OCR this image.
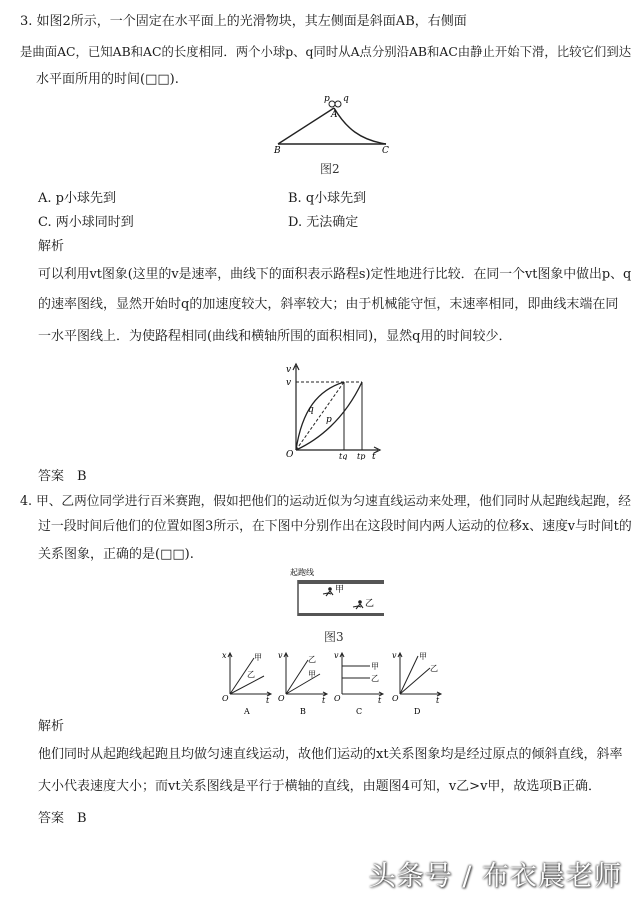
3. 如图2所示，一个固定在水平面上的光滑物块，其左侧面是斜面AB，右侧面
是曲面AC，已知AB和AC的长度相同．两个小球p、q同时从A点分别沿AB和AC由静止开始下滑，比较它们到达
水平面所用的时间(□□).
p q
A
B	C
图2
A. p小球先到	B. q小球先到
C. 两小球同时到	D. 无法确定
解析
可以利用vt图象(这里的v是速率，曲线下的面积表示路程s)定性地进行比较．在同一个vt图象中做出p、q
的速率图线，显然开始时q的加速度较大，斜率较大；由于机械能守恒，末速率相同，即曲线末端在同
一水平图线上．为使路程相同(曲线和横轴所围的面积相同)，显然q用的时间较少．
v
v
O
q
p
tq tp t
答案　B
4. 甲、乙两位同学进行百米赛跑，假如把他们的运动近似为匀速直线运动来处理，他们同时从起跑线起跑，经
过一段时间后他们的位置如图3所示，在下图中分别作出在这段时间内两人运动的位移x、速度v与时间t的
关系图象，正确的是(□□).
起跑线
甲
乙
图3
x
O	t
甲
乙
A
v
O	t
乙
甲
B
v
O	t
甲
乙
C
v
O	t
甲
乙
D
解析
他们同时从起跑线起跑且均做匀速直线运动，故他们运动的xt关系图象均是经过原点的倾斜直线，斜率
大小代表速度大小；而vt关系图线是平行于横轴的直线，由题图4可知，v乙>v甲，故选项B正确．
答案　B
头条号 / 布衣晨老师
